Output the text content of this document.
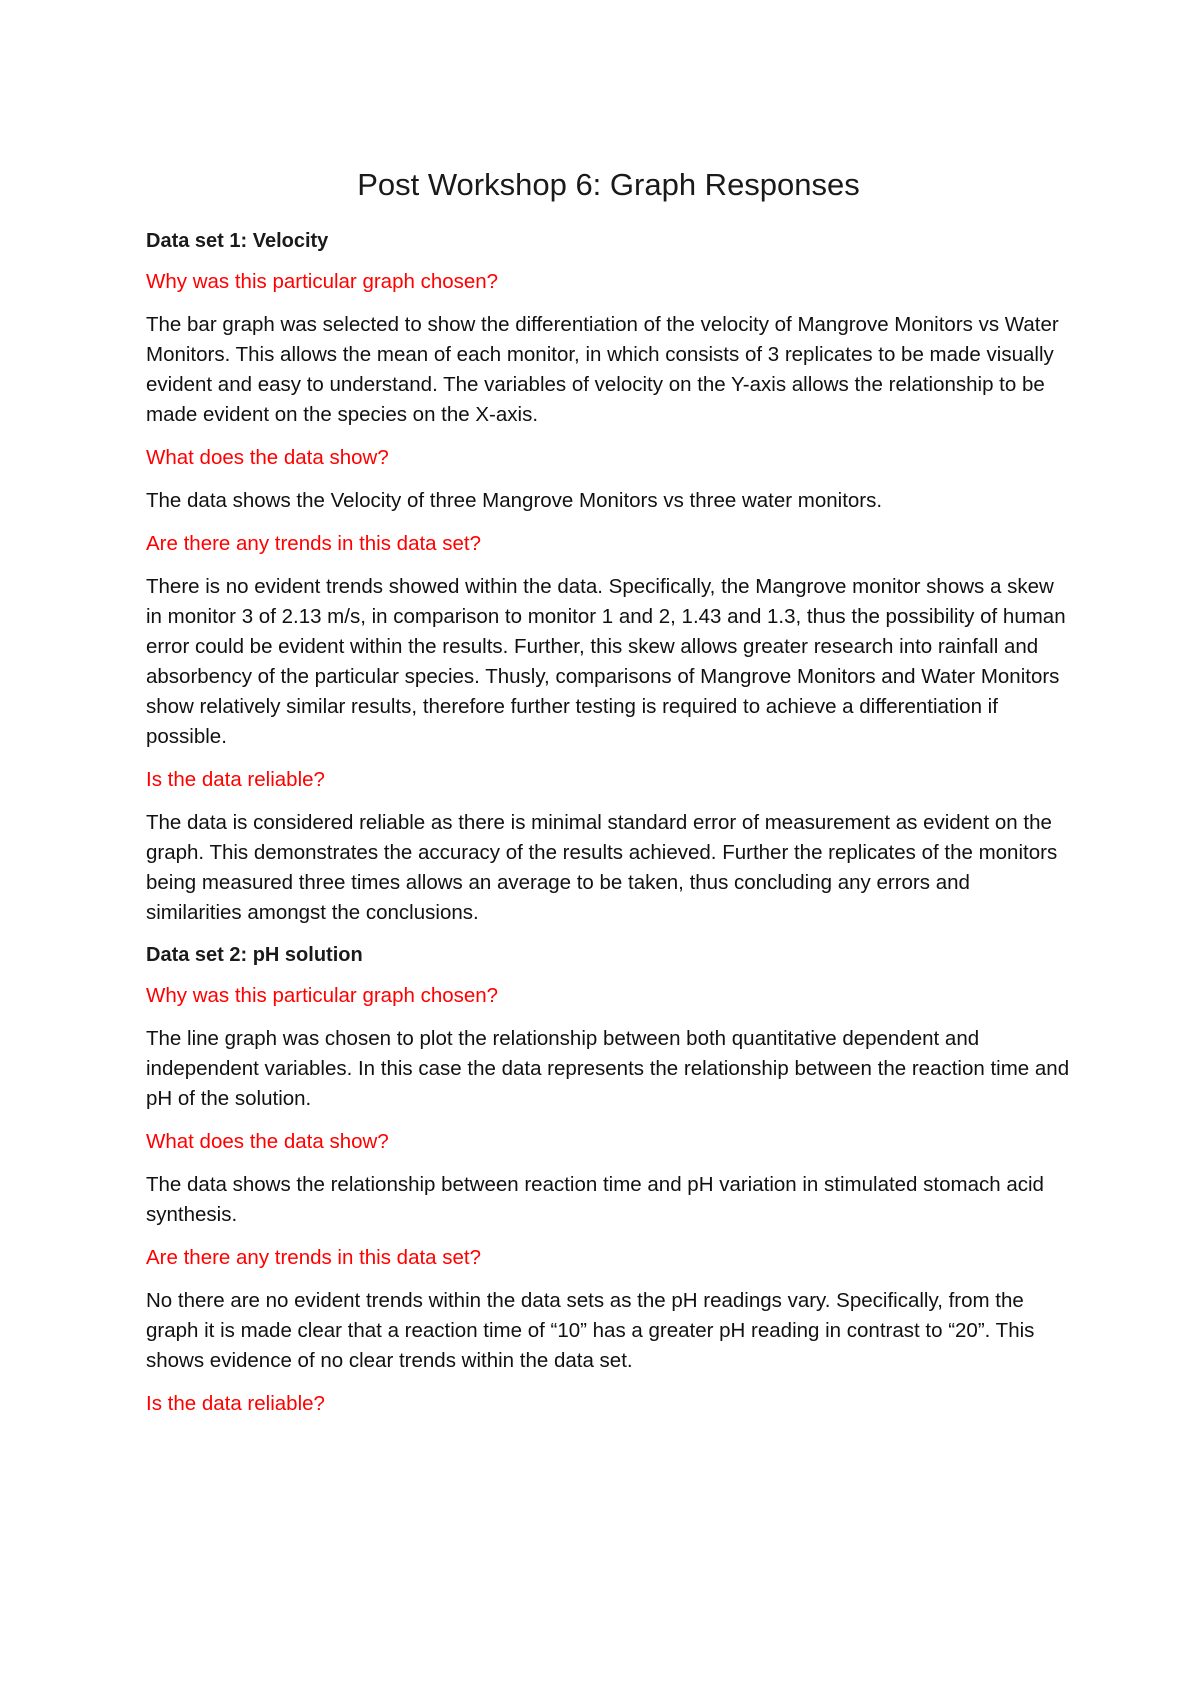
Post Workshop 6: Graph Responses
Data set 1: Velocity
Why was this particular graph chosen?

The bar graph was selected to show the differentiation of the velocity of Mangrove Monitors vs Water Monitors. This allows the mean of each monitor, in which consists of 3 replicates to be made visually evident and easy to understand. The variables of velocity on the Y-axis allows the relationship to be made evident on the species on the X-axis.

What does the data show?

The data shows the Velocity of three Mangrove Monitors vs three water monitors.

Are there any trends in this data set?

There is no evident trends showed within the data. Specifically, the Mangrove monitor shows a skew in monitor 3 of 2.13 m/s, in comparison to monitor 1 and 2, 1.43 and 1.3, thus the possibility of human error could be evident within the results. Further, this skew allows greater research into rainfall and absorbency of the particular species. Thusly, comparisons of Mangrove Monitors and Water Monitors show relatively similar results, therefore further testing is required to achieve a differentiation if possible.

Is the data reliable?

The data is considered reliable as there is minimal standard error of measurement as evident on the graph. This demonstrates the accuracy of the results achieved. Further the replicates of the monitors being measured three times allows an average to be taken, thus concluding any errors and similarities amongst the conclusions.

Data set 2: pH solution
Why was this particular graph chosen?

The line graph was chosen to plot the relationship between both quantitative dependent and independent variables. In this case the data represents the relationship between the reaction time and pH of the solution.

What does the data show?

The data shows the relationship between reaction time and pH variation in stimulated stomach acid synthesis.

Are there any trends in this data set?

No there are no evident trends within the data sets as the pH readings vary. Specifically, from the graph it is made clear that a reaction time of “10” has a greater pH reading in contrast to “20”. This shows evidence of no clear trends within the data set.

Is the data reliable?
